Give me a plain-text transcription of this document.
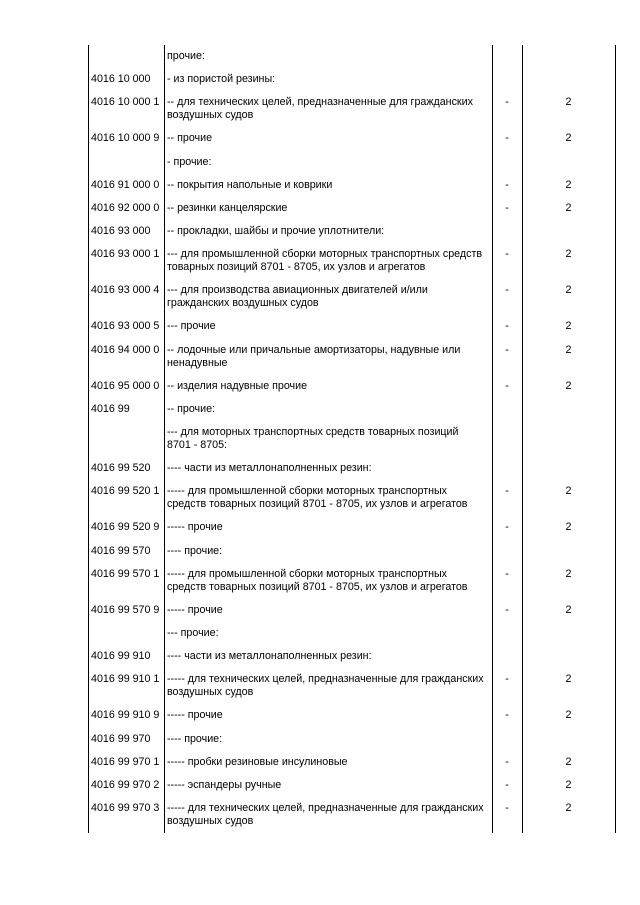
прочие:
4016 10 000	- из пористой резины:
4016 10 000 1 -- для технических целей, предназначенные для гражданских
воздушных судов
-	2
4016 10 000 9 -- прочие	-	2
- прочие:
4016 91 000 0 -- покрытия напольные и коврики	-	2
4016 92 000 0 -- резинки канцелярские	-	2
4016 93 000	-- прокладки, шайбы и прочие уплотнители:
4016 93 000 1 --- для промышленной сборки моторных транспортных средств
товарных позиций 8701 - 8705, их узлов и агрегатов
-	2
4016 93 000 4 --- для производства авиационных двигателей и/или
гражданских воздушных судов
-	2
4016 93 000 5 --- прочие	-	2
4016 94 000 0 -- лодочные или причальные амортизаторы, надувные или
ненадувные
-	2
4016 95 000 0 -- изделия надувные прочие	-	2
4016 99	-- прочие:
--- для моторных транспортных средств товарных позиций
8701 - 8705:
4016 99 520	---- части из металлонаполненных резин:
4016 99 520 1 ----- для промышленной сборки моторных транспортных
средств товарных позиций 8701 - 8705, их узлов и агрегатов
-	2
4016 99 520 9 ----- прочие	-	2
4016 99 570	---- прочие:
4016 99 570 1 ----- для промышленной сборки моторных транспортных
средств товарных позиций 8701 - 8705, их узлов и агрегатов
-	2
4016 99 570 9 ----- прочие	-	2
--- прочие:
4016 99 910	---- части из металлонаполненных резин:
4016 99 910 1 ----- для технических целей, предназначенные для гражданских
воздушных судов
-	2
4016 99 910 9 ----- прочие	-	2
4016 99 970	---- прочие:
4016 99 970 1 ----- пробки резиновые инсулиновые	-	2
4016 99 970 2 ----- эспандеры ручные	-	2
4016 99 970 3 ----- для технических целей, предназначенные для гражданских
воздушных судов
-	2
